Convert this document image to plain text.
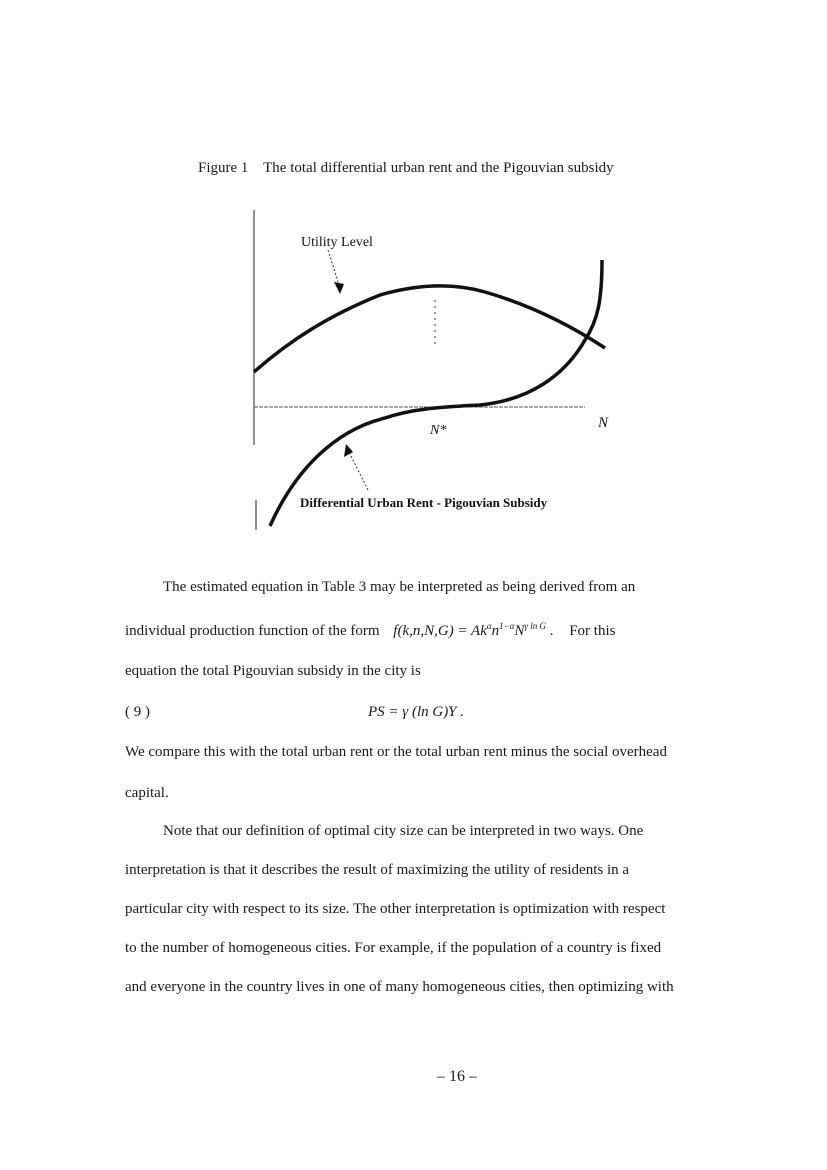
Figure 1    The total differential urban rent and the Pigouvian subsidy
Utility Level
N*	N
Differential Urban Rent - Pigouvian Subsidy
The estimated equation in Table 3 may be interpreted as being derived from an
individual production function of the form $f(k,n,N,G) = Ak^\alpha n^{1-\alpha}N^{\gamma ln G}$ . For this
equation the total Pigouvian subsidy in the city is
( 9 )	PS = γ (ln G)Y .
We compare this with the total urban rent or the total urban rent minus the social overhead
capital.
Note that our definition of optimal city size can be interpreted in two ways. One
interpretation is that it describes the result of maximizing the utility of residents in a
particular city with respect to its size. The other interpretation is optimization with respect
to the number of homogeneous cities. For example, if the population of a country is fixed
and everyone in the country lives in one of many homogeneous cities, then optimizing with
– 16 –
